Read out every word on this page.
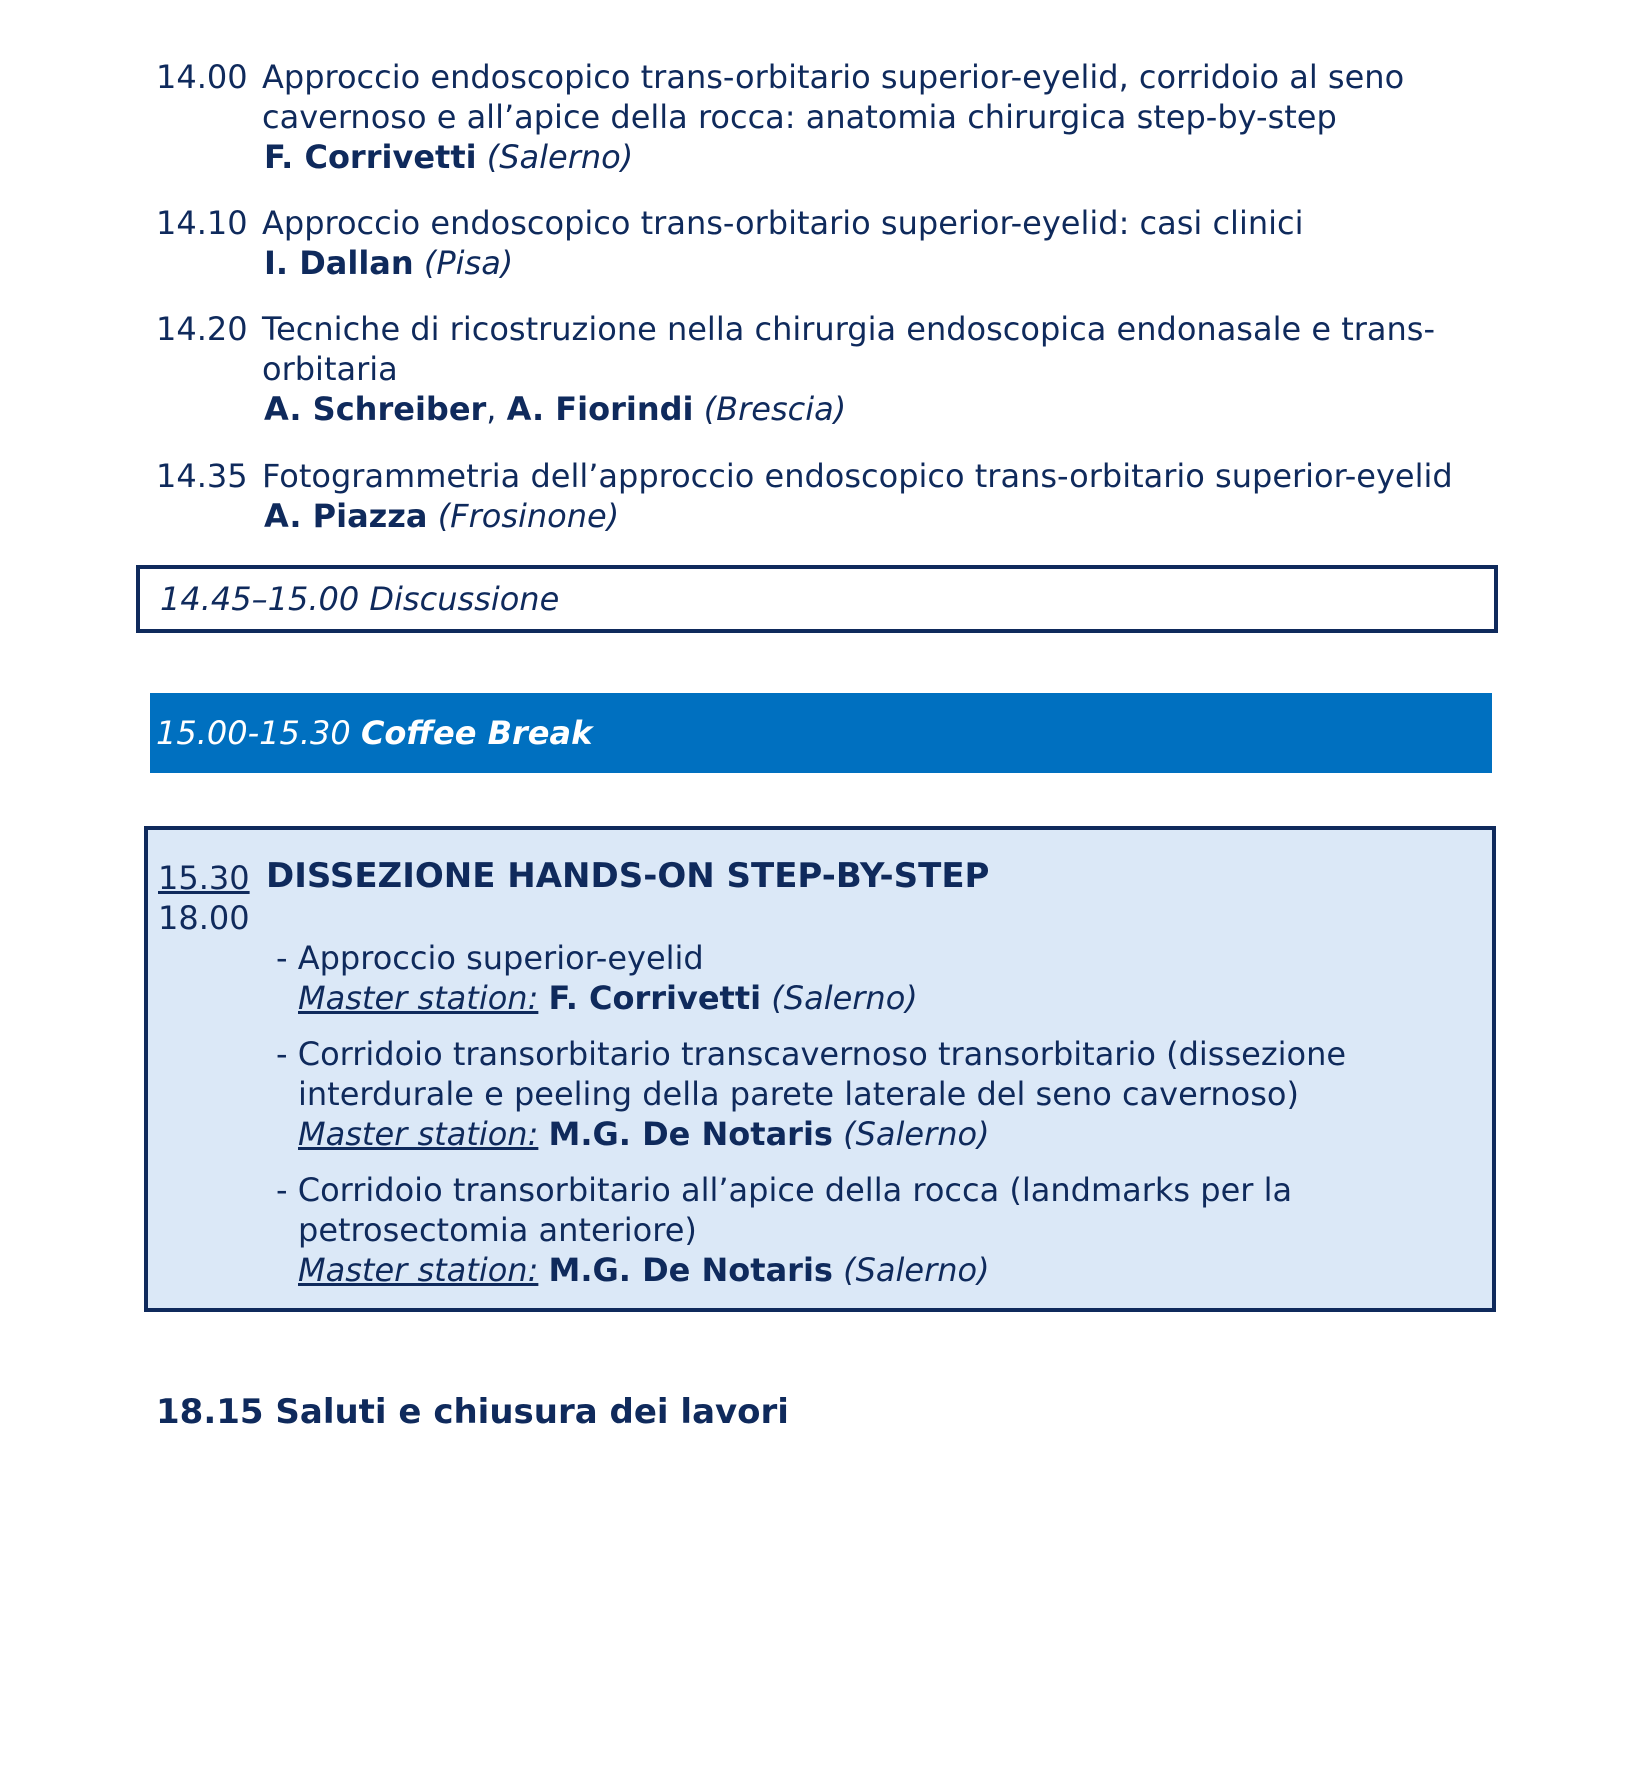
14.00 Approccio endoscopico trans-orbitario superior-eyelid, corridoio al seno cavernoso e all’apice della rocca: anatomia chirurgica step-by-step
F. Corrivetti (Salerno)
14.10 Approccio endoscopico trans-orbitario superior-eyelid: casi clinici
I. Dallan (Pisa)
14.20 Tecniche di ricostruzione nella chirurgia endoscopica endonasale e trans-orbitaria
A. Schreiber, A. Fiorindi (Brescia)
14.35 Fotogrammetria dell’approccio endoscopico trans-orbitario superior-eyelid
A. Piazza (Frosinone)
14.45–15.00 Discussione
15.00-15.30 Coffee Break
15.30
18.00
DISSEZIONE HANDS-ON STEP-BY-STEP
- Approccio superior-eyelid
Master station: F. Corrivetti (Salerno)
- Corridoio transorbitario transcavernoso transorbitario (dissezione interdurale e peeling della parete laterale del seno cavernoso)
Master station: M.G. De Notaris (Salerno)
- Corridoio transorbitario all’apice della rocca (landmarks per la petrosectomia anteriore)
Master station: M.G. De Notaris (Salerno)
18.15 Saluti e chiusura dei lavori
